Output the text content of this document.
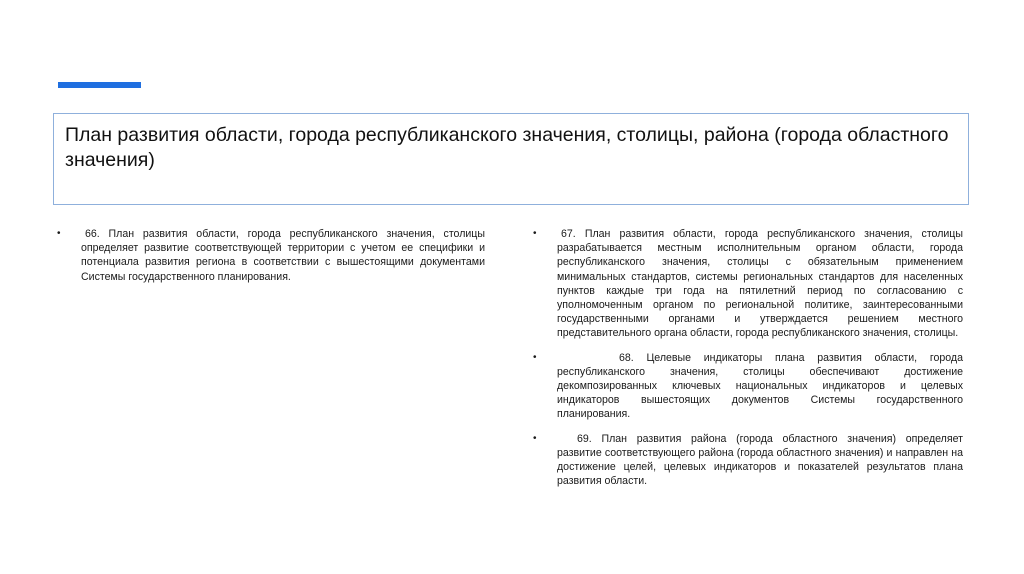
План развития области, города республиканского значения, столицы, района (города областного значения)
•	66. План развития области, города республиканского значения, столицы определяет развитие соответствующей территории с учетом ее специфики и потенциала развития региона в соответствии с вышестоящими документами Системы государственного планирования.
•	67. План развития области, города республиканского значения, столицы разрабатывается местным исполнительным органом области, города республиканского значения, столицы с обязательным применением минимальных стандартов, системы региональных стандартов для населенных пунктов каждые три года на пятилетний период по согласованию с уполномоченным органом по региональной политике, заинтересованными государственными органами и утверждается решением местного представительного органа области, города республиканского значения, столицы.
•	68. Целевые индикаторы плана развития области, города республиканского значения, столицы обеспечивают достижение декомпозированных ключевых национальных индикаторов и целевых индикаторов вышестоящих документов Системы государственного планирования.
•	69. План развития района (города областного значения) определяет развитие соответствующего района (города областного значения) и направлен на достижение целей, целевых индикаторов и показателей результатов плана развития области.
